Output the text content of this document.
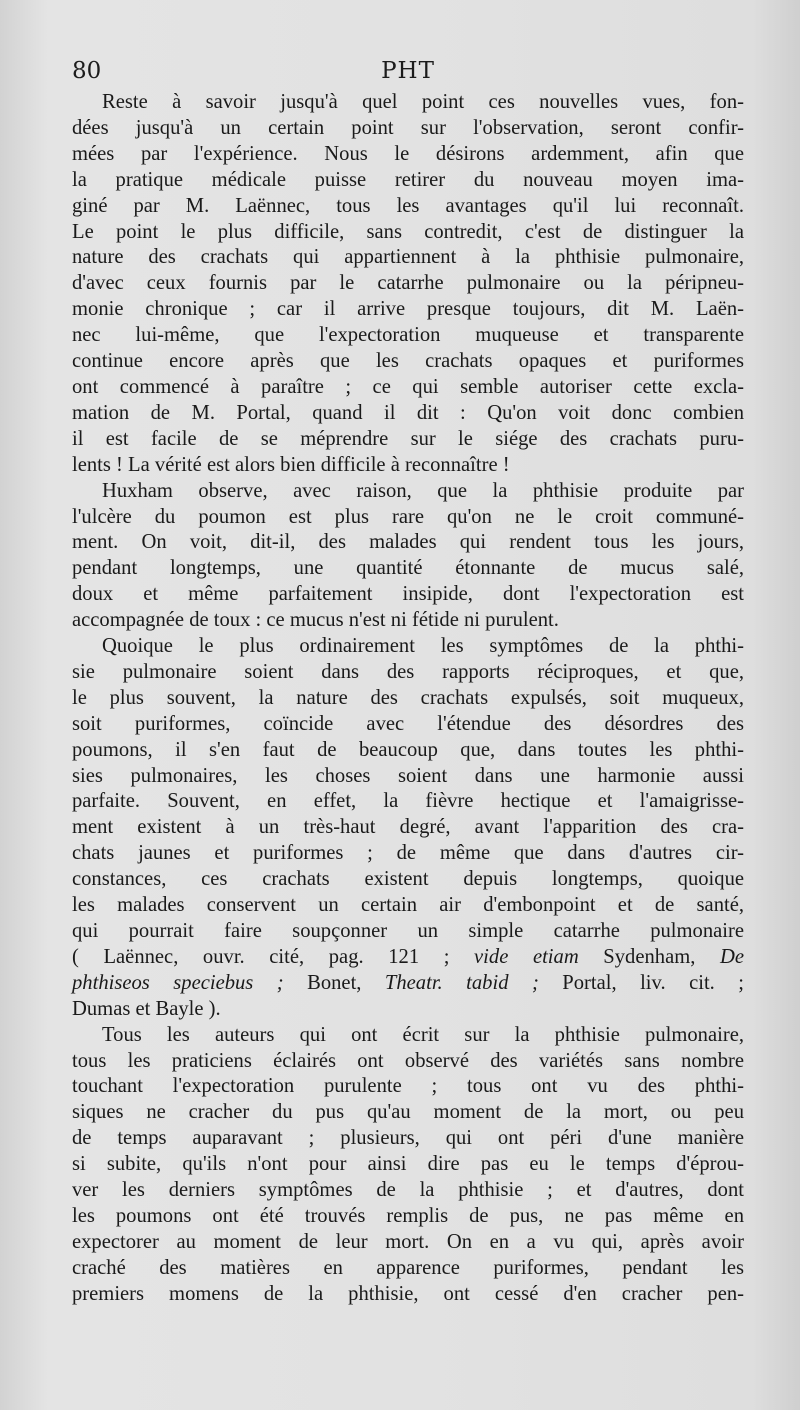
80	PHT
Reste à savoir jusqu'à quel point ces nouvelles vues, fon-
dées jusqu'à un certain point sur l'observation, seront confir-
mées par l'expérience. Nous le désirons ardemment, afin que
la pratique médicale puisse retirer du nouveau moyen ima-
giné par M. Laënnec, tous les avantages qu'il lui reconnaît.
Le point le plus difficile, sans contredit, c'est de distinguer la
nature des crachats qui appartiennent à la phthisie pulmonaire,
d'avec ceux fournis par le catarrhe pulmonaire ou la péripneu-
monie chronique ; car il arrive presque toujours, dit M. Laën-
nec lui-même, que l'expectoration muqueuse et transparente
continue encore après que les crachats opaques et puriformes
ont commencé à paraître ; ce qui semble autoriser cette excla-
mation de M. Portal, quand il dit : Qu'on voit donc combien
il est facile de se méprendre sur le siége des crachats puru-
lents ! La vérité est alors bien difficile à reconnaître !
Huxham observe, avec raison, que la phthisie produite par
l'ulcère du poumon est plus rare qu'on ne le croit communé-
ment. On voit, dit-il, des malades qui rendent tous les jours,
pendant longtemps, une quantité étonnante de mucus salé,
doux et même parfaitement insipide, dont l'expectoration est
accompagnée de toux : ce mucus n'est ni fétide ni purulent.
Quoique le plus ordinairement les symptômes de la phthi-
sie pulmonaire soient dans des rapports réciproques, et que,
le plus souvent, la nature des crachats expulsés, soit muqueux,
soit puriformes, coïncide avec l'étendue des désordres des
poumons, il s'en faut de beaucoup que, dans toutes les phthi-
sies pulmonaires, les choses soient dans une harmonie aussi
parfaite. Souvent, en effet, la fièvre hectique et l'amaigrisse-
ment existent à un très-haut degré, avant l'apparition des cra-
chats jaunes et puriformes ; de même que dans d'autres cir-
constances, ces crachats existent depuis longtemps, quoique
les malades conservent un certain air d'embonpoint et de santé,
qui pourrait faire soupçonner un simple catarrhe pulmonaire
( Laënnec, ouvr. cité, pag. 121 ; vide etiam Sydenham, De
phthiseos speciebus ; Bonet, Theatr. tabid ; Portal, liv. cit. ;
Dumas et Bayle ).
Tous les auteurs qui ont écrit sur la phthisie pulmonaire,
tous les praticiens éclairés ont observé des variétés sans nombre
touchant l'expectoration purulente ; tous ont vu des phthi-
siques ne cracher du pus qu'au moment de la mort, ou peu
de temps auparavant ; plusieurs, qui ont péri d'une manière
si subite, qu'ils n'ont pour ainsi dire pas eu le temps d'éprou-
ver les derniers symptômes de la phthisie ; et d'autres, dont
les poumons ont été trouvés remplis de pus, ne pas même en
expectorer au moment de leur mort. On en a vu qui, après avoir
craché des matières en apparence puriformes, pendant les
premiers momens de la phthisie, ont cessé d'en cracher pen-
